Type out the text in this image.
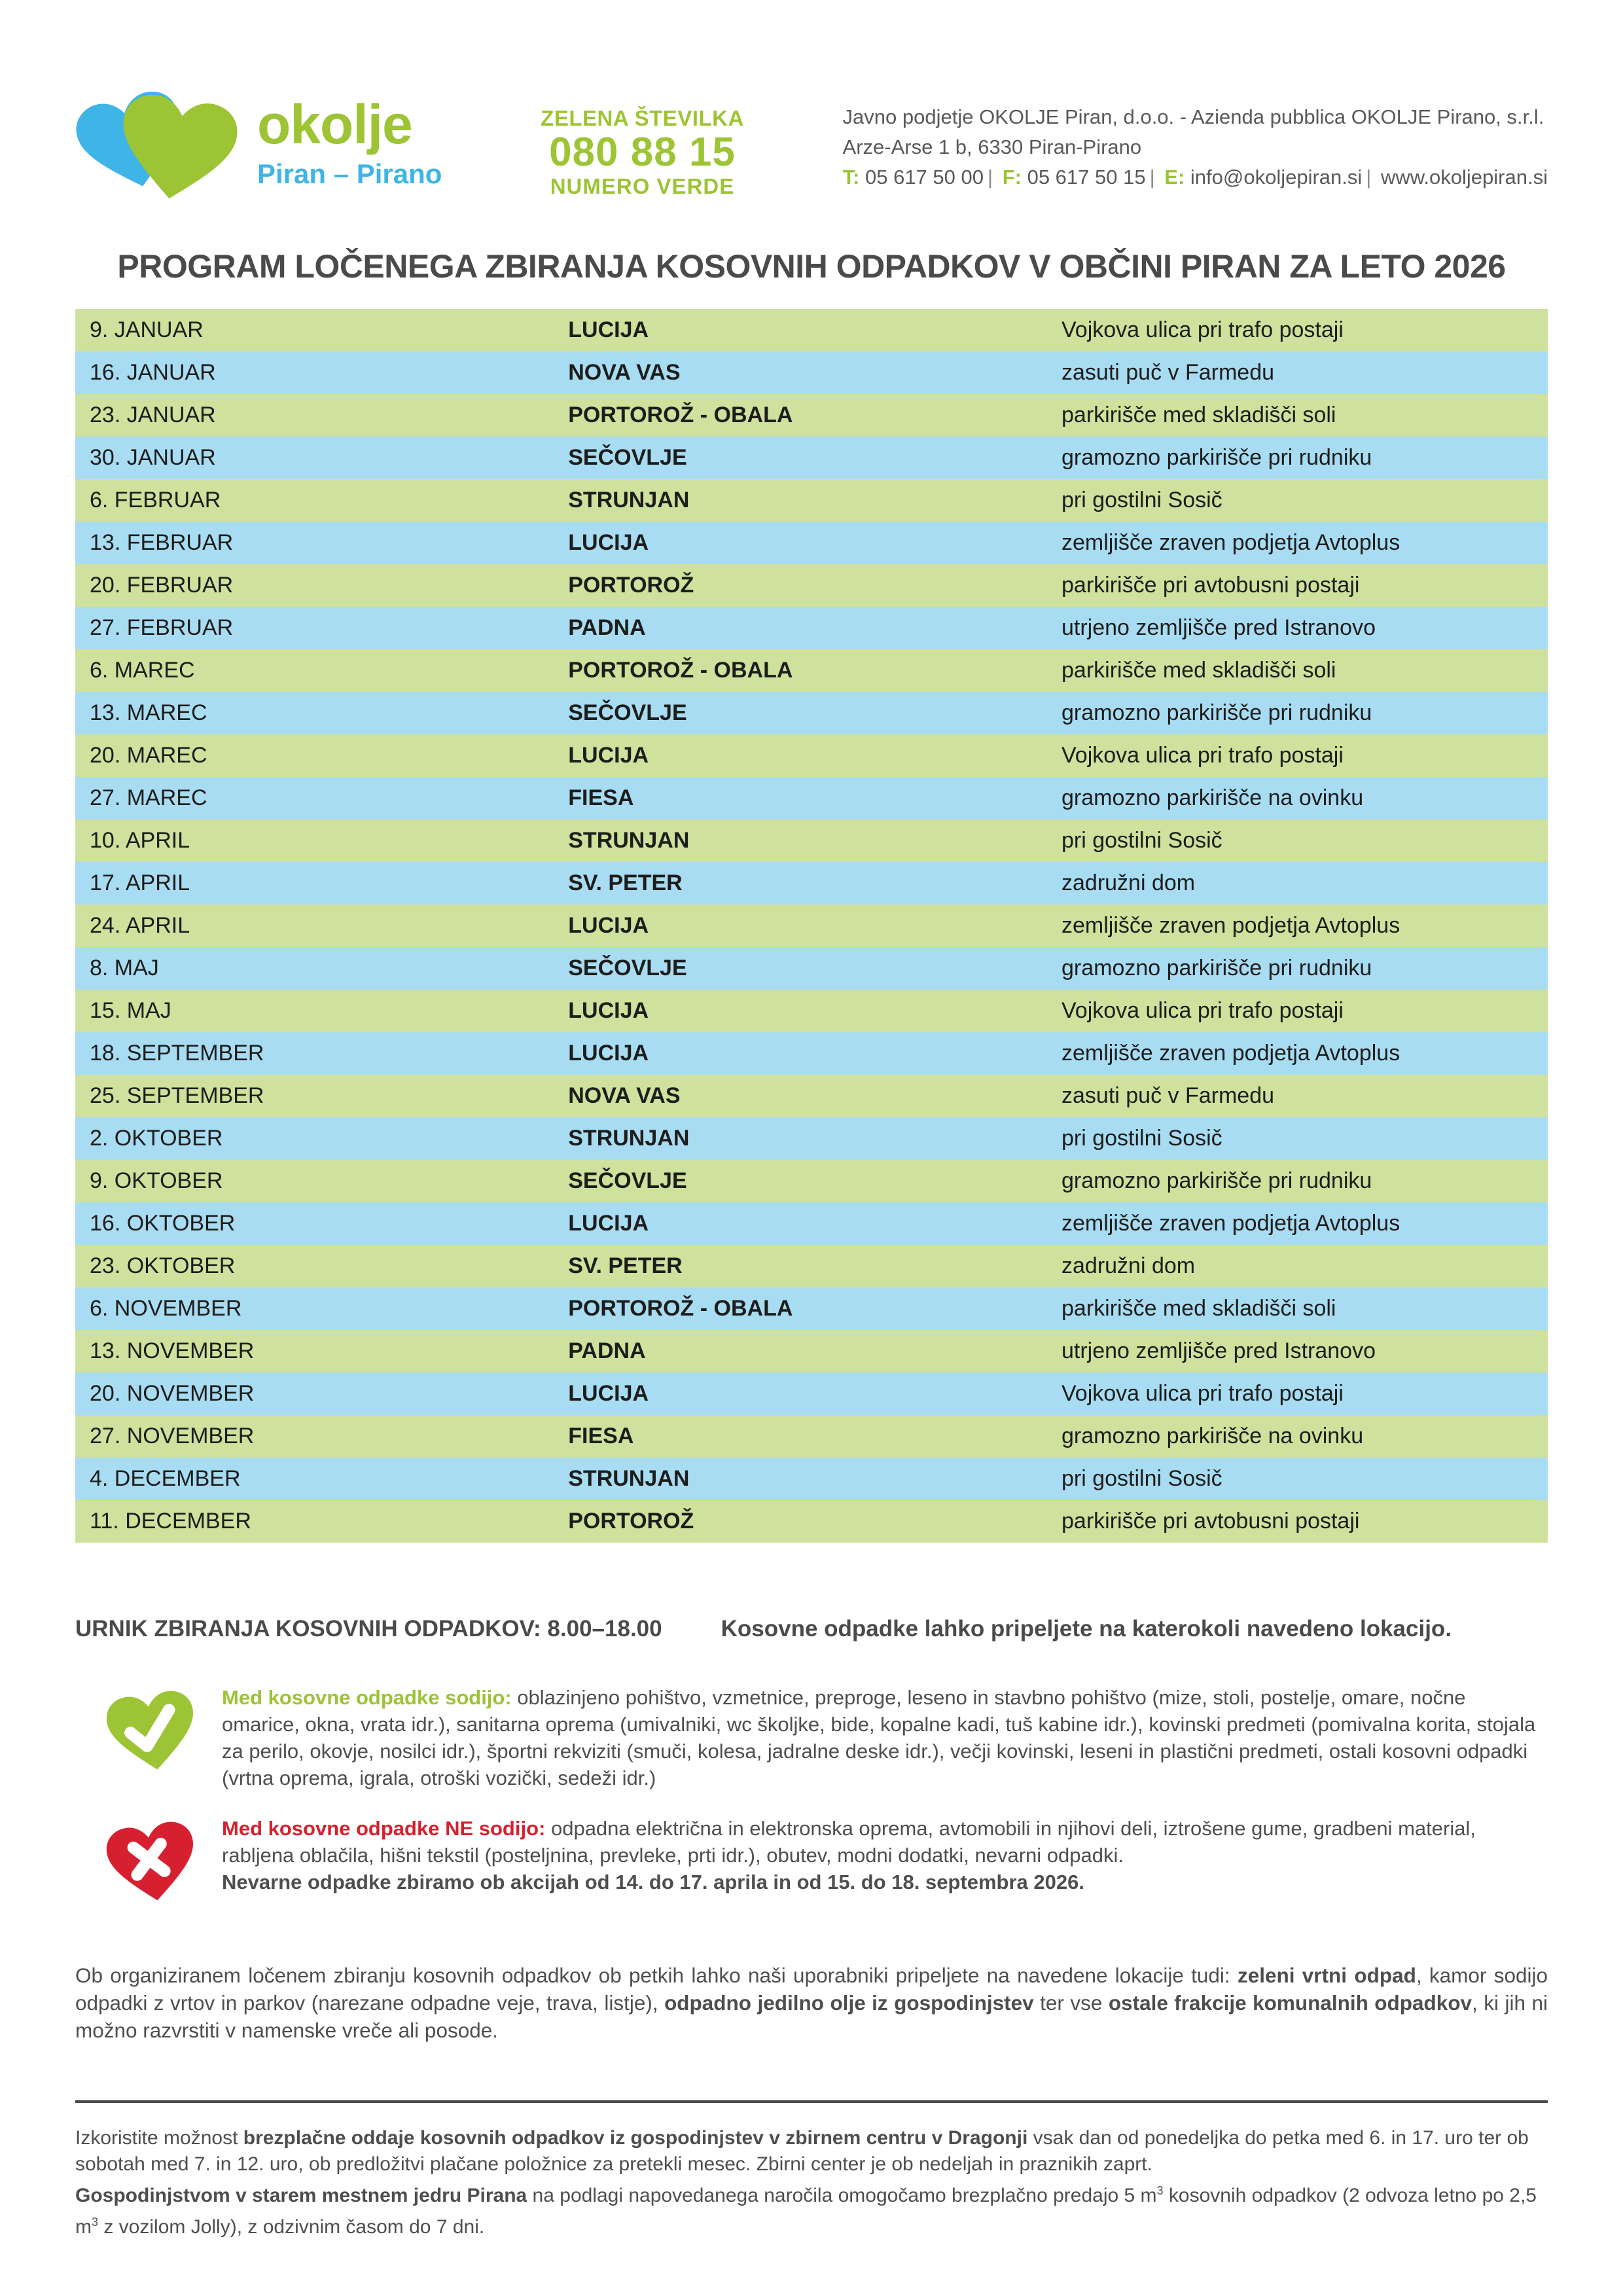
okolje
Piran – Pirano
ZELENA ŠTEVILKA
080 88 15
NUMERO VERDE
Javno podjetje OKOLJE Piran, d.o.o. - Azienda pubblica OKOLJE Pirano, s.r.l.
Arze-Arse 1 b, 6330 Piran-Pirano
T: 05 617 50 00 | F: 05 617 50 15 | E: info@okoljepiran.si | www.okoljepiran.si
PROGRAM LOČENEGA ZBIRANJA KOSOVNIH ODPADKOV V OBČINI PIRAN ZA LETO 2026
9. JANUAR	LUCIJA	Vojkova ulica pri trafo postaji
16. JANUAR	NOVA VAS	zasuti puč v Farmedu
23. JANUAR	PORTOROŽ - OBALA	parkirišče med skladišči soli
30. JANUAR	SEČOVLJE	gramozno parkirišče pri rudniku
6. FEBRUAR	STRUNJAN	pri gostilni Sosič
13. FEBRUAR	LUCIJA	zemljišče zraven podjetja Avtoplus
20. FEBRUAR	PORTOROŽ	parkirišče pri avtobusni postaji
27. FEBRUAR	PADNA	utrjeno zemljišče pred Istranovo
6. MAREC	PORTOROŽ - OBALA	parkirišče med skladišči soli
13. MAREC	SEČOVLJE	gramozno parkirišče pri rudniku
20. MAREC	LUCIJA	Vojkova ulica pri trafo postaji
27. MAREC	FIESA	gramozno parkirišče na ovinku
10. APRIL	STRUNJAN	pri gostilni Sosič
17. APRIL	SV. PETER	zadružni dom
24. APRIL	LUCIJA	zemljišče zraven podjetja Avtoplus
8. MAJ	SEČOVLJE	gramozno parkirišče pri rudniku
15. MAJ	LUCIJA	Vojkova ulica pri trafo postaji
18. SEPTEMBER	LUCIJA	zemljišče zraven podjetja Avtoplus
25. SEPTEMBER	NOVA VAS	zasuti puč v Farmedu
2. OKTOBER	STRUNJAN	pri gostilni Sosič
9. OKTOBER	SEČOVLJE	gramozno parkirišče pri rudniku
16. OKTOBER	LUCIJA	zemljišče zraven podjetja Avtoplus
23. OKTOBER	SV. PETER	zadružni dom
6. NOVEMBER	PORTOROŽ - OBALA	parkirišče med skladišči soli
13. NOVEMBER	PADNA	utrjeno zemljišče pred Istranovo
20. NOVEMBER	LUCIJA	Vojkova ulica pri trafo postaji
27. NOVEMBER	FIESA	gramozno parkirišče na ovinku
4. DECEMBER	STRUNJAN	pri gostilni Sosič
11. DECEMBER	PORTOROŽ	parkirišče pri avtobusni postaji
URNIK ZBIRANJA KOSOVNIH ODPADKOV: 8.00–18.00	Kosovne odpadke lahko pripeljete na katerokoli navedeno lokacijo.
Med kosovne odpadke sodijo: oblazinjeno pohištvo, vzmetnice, preproge, leseno in stavbno pohištvo (mize, stoli, postelje, omare, nočne omarice, okna, vrata idr.), sanitarna oprema (umivalniki, wc školjke, bide, kopalne kadi, tuš kabine idr.), kovinski predmeti (pomivalna korita, stojala za perilo, okovje, nosilci idr.), športni rekviziti (smuči, kolesa, jadralne deske idr.), večji kovinski, leseni in plastični predmeti, ostali kosovni odpadki (vrtna oprema, igrala, otroški vozički, sedeži idr.)
Med kosovne odpadke NE sodijo: odpadna električna in elektronska oprema, avtomobili in njihovi deli, iztrošene gume, gradbeni material, rabljena oblačila, hišni tekstil (posteljnina, prevleke, prti idr.), obutev, modni dodatki, nevarni odpadki.
Nevarne odpadke zbiramo ob akcijah od 14. do 17. aprila in od 15. do 18. septembra 2026.
Ob organiziranem ločenem zbiranju kosovnih odpadkov ob petkih lahko naši uporabniki pripeljete na navedene lokacije tudi: zeleni vrtni odpad, kamor sodijo odpadki z vrtov in parkov (narezane odpadne veje, trava, listje), odpadno jedilno olje iz gospodinjstev ter vse ostale frakcije komunalnih odpadkov, ki jih ni možno razvrstiti v namenske vreče ali posode.
Izkoristite možnost brezplačne oddaje kosovnih odpadkov iz gospodinjstev v zbirnem centru v Dragonji vsak dan od ponedeljka do petka med 6. in 17. uro ter ob sobotah med 7. in 12. uro, ob predložitvi plačane položnice za pretekli mesec. Zbirni center je ob nedeljah in praznikih zaprt.
Gospodinjstvom v starem mestnem jedru Pirana na podlagi napovedanega naročila omogočamo brezplačno predajo 5 $m^3$ kosovnih odpadkov (2 odvoza letno po 2,5 $m^3$ z vozilom Jolly), z odzivnim časom do 7 dni.
